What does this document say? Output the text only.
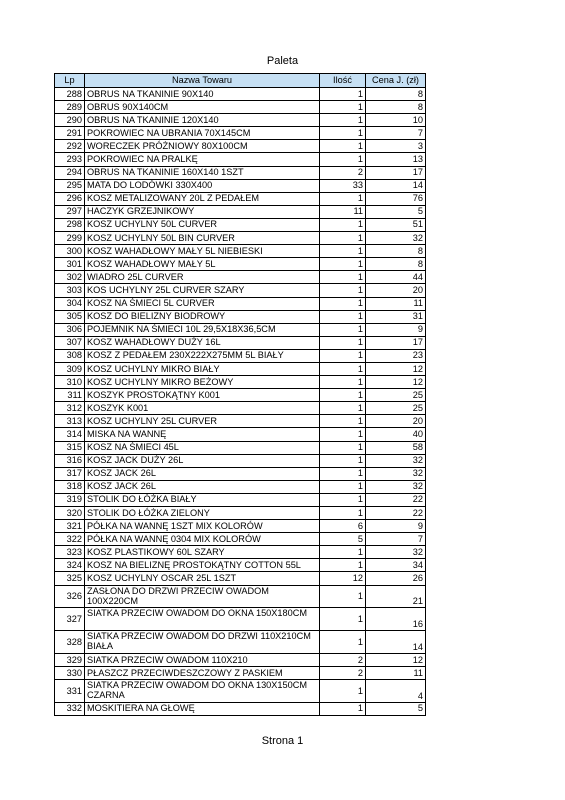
Paleta
Lp	Nazwa Towaru	Ilość	Cena J. (zł)
288	OBRUS NA TKANINIE 90X140	1	8
289	OBRUS 90X140CM	1	8
290	OBRUS NA TKANINIE 120X140	1	10
291	POKROWIEC NA UBRANIA 70X145CM	1	7
292	WORECZEK PRÓŻNIOWY 80X100CM	1	3
293	POKROWIEC NA PRALKĘ	1	13
294	OBRUS NA TKANINIE 160X140 1SZT	2	17
295	MATA DO LODÓWKI 330X400	33	14
296	KOSZ METALIZOWANY 20L Z PEDAŁEM	1	76
297	HACZYK GRZEJNIKOWY	11	5
298	KOSZ UCHYLNY 50L CURVER	1	51
299	KOSZ UCHYLNY 50L BIN CURVER	1	32
300	KOSZ WAHADŁOWY MAŁY 5L NIEBIESKI	1	8
301	KOSZ WAHADŁOWY MAŁY 5L	1	8
302	WIADRO 25L CURVER	1	44
303	KOS UCHYLNY 25L CURVER SZARY	1	20
304	KOSZ NA ŚMIECI 5L CURVER	1	11
305	KOSZ DO BIELIZNY BIODROWY	1	31
306	POJEMNIK NA ŚMIECI 10L 29,5X18X36,5CM	1	9
307	KOSZ WAHADŁOWY DUŻY 16L	1	17
308	KOSZ Z PEDAŁEM 230X222X275MM 5L BIAŁY	1	23
309	KOSZ UCHYLNY MIKRO BIAŁY	1	12
310	KOSZ UCHYLNY MIKRO BEŻOWY	1	12
311	KOSZYK PROSTOKĄTNY K001	1	25
312	KOSZYK K001	1	25
313	KOSZ UCHYLNY 25L CURVER	1	20
314	MISKA NA WANNĘ	1	40
315	KOSZ NA ŚMIECI 45L	1	58
316	KOSZ JACK DUŻY 26L	1	32
317	KOSZ JACK 26L	1	32
318	KOSZ JACK 26L	1	32
319	STOLIK DO ŁÓŻKA BIAŁY	1	22
320	STOLIK DO ŁÓŻKA ZIELONY	1	22
321	PÓŁKA NA WANNĘ 1SZT MIX KOLORÓW	6	9
322	PÓŁKA NA WANNĘ 0304 MIX KOLORÓW	5	7
323	KOSZ PLASTIKOWY 60L SZARY	1	32
324	KOSZ NA BIELIZNĘ PROSTOKĄTNY COTTON 55L	1	34
325	KOSZ UCHYLNY OSCAR 25L 1SZT	12	26
326	ZASŁONA DO DRZWI PRZECIW OWADOM 100X220CM	1	21
327	SIATKA PRZECIW OWADOM DO OKNA 150X180CM	1	16
328	SIATKA PRZECIW OWADOM DO DRZWI 110X210CM BIAŁA	1	14
329	SIATKA PRZECIW OWADOM 110X210	2	12
330	PŁASZCZ PRZECIWDESZCZOWY Z PASKIEM	2	11
331	SIATKA PRZECIW OWADOM DO OKNA 130X150CM CZARNA	1	4
332	MOSKITIERA NA GŁOWĘ	1	5
Strona 1
